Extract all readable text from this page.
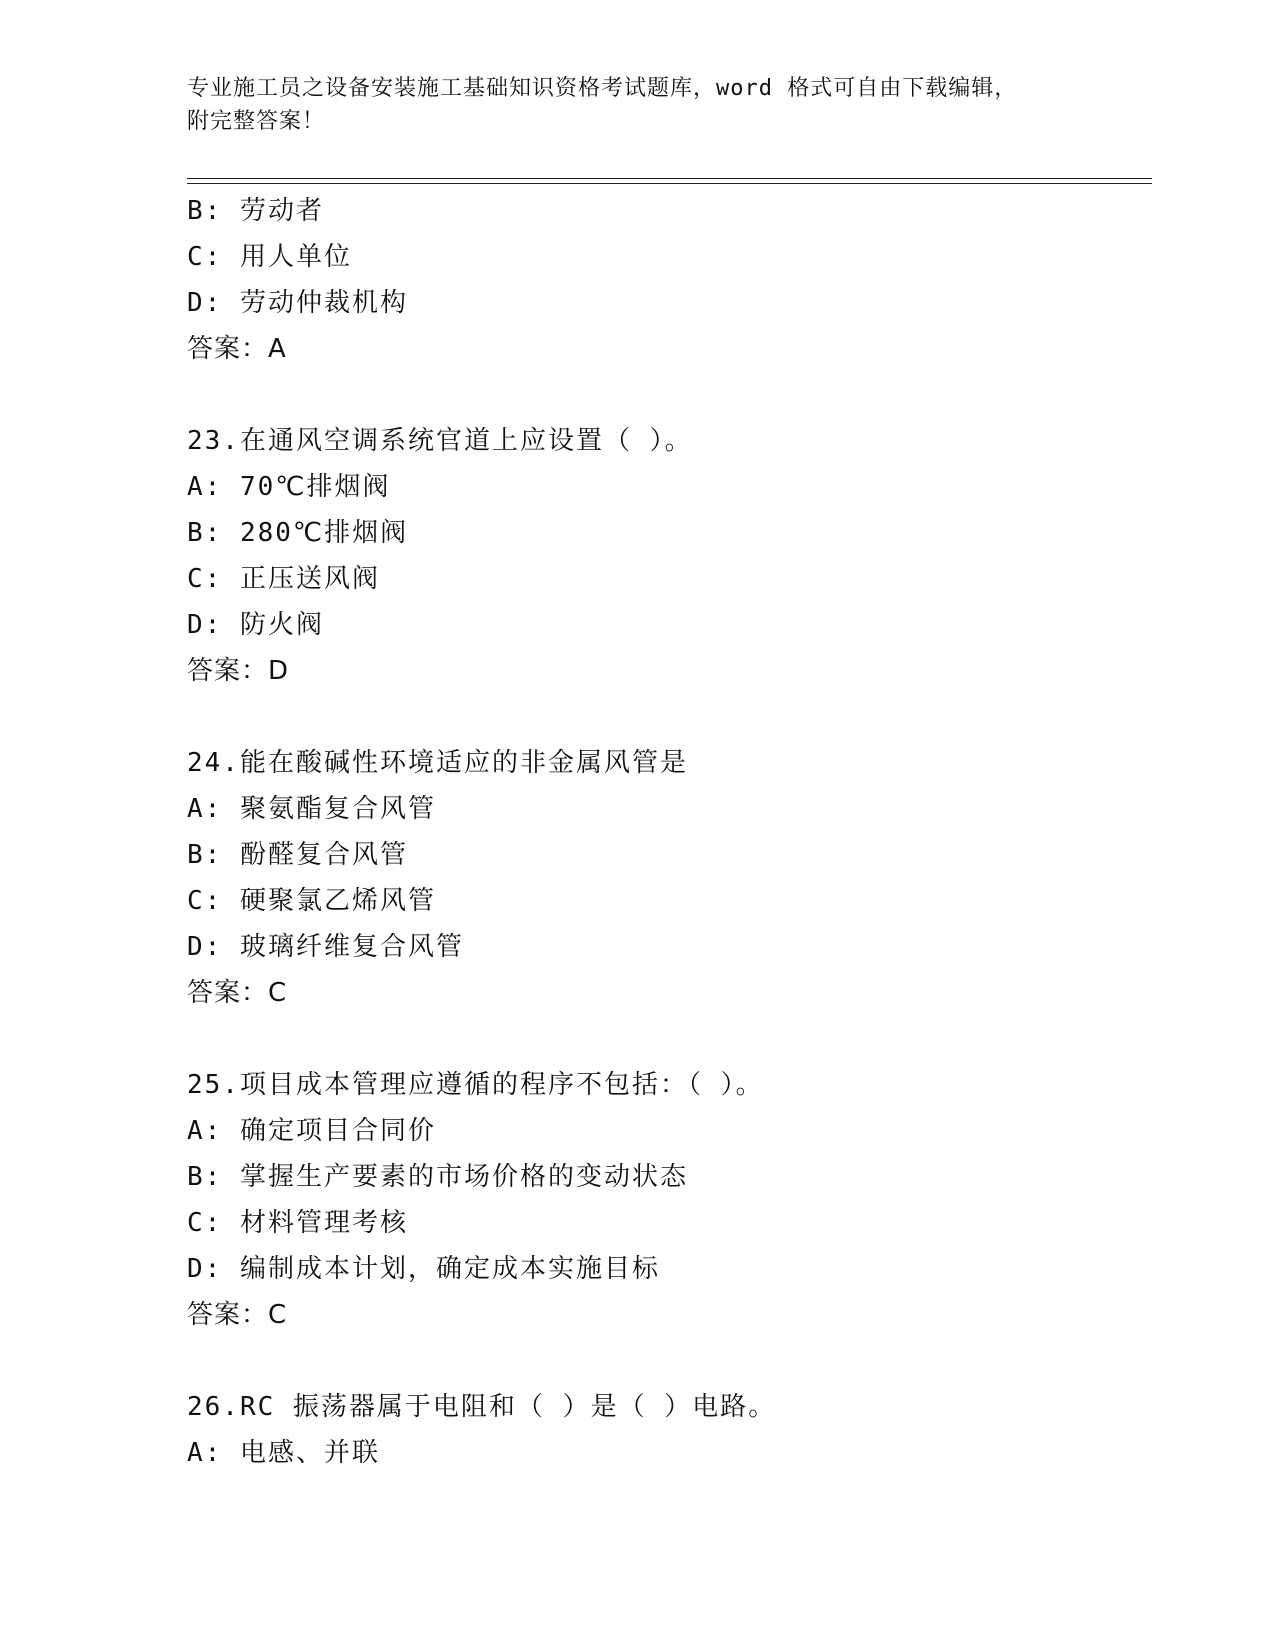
专业施工员之设备安装施工基础知识资格考试题库，word 格式可自由下载编辑，
附完整答案！
B: 劳动者
C: 用人单位
D: 劳动仲裁机构
答案：A
23.在通风空调系统官道上应设置（ ）。
A: 70℃排烟阀
B: 280℃排烟阀
C: 正压送风阀
D: 防火阀
答案：D
24.能在酸碱性环境适应的非金属风管是
A: 聚氨酯复合风管
B: 酚醛复合风管
C: 硬聚氯乙烯风管
D: 玻璃纤维复合风管
答案：C
25.项目成本管理应遵循的程序不包括：（ ）。
A: 确定项目合同价
B: 掌握生产要素的市场价格的变动状态
C: 材料管理考核
D: 编制成本计划，确定成本实施目标
答案：C
26.RC 振荡器属于电阻和（ ）是（ ）电路。
A: 电感、并联
